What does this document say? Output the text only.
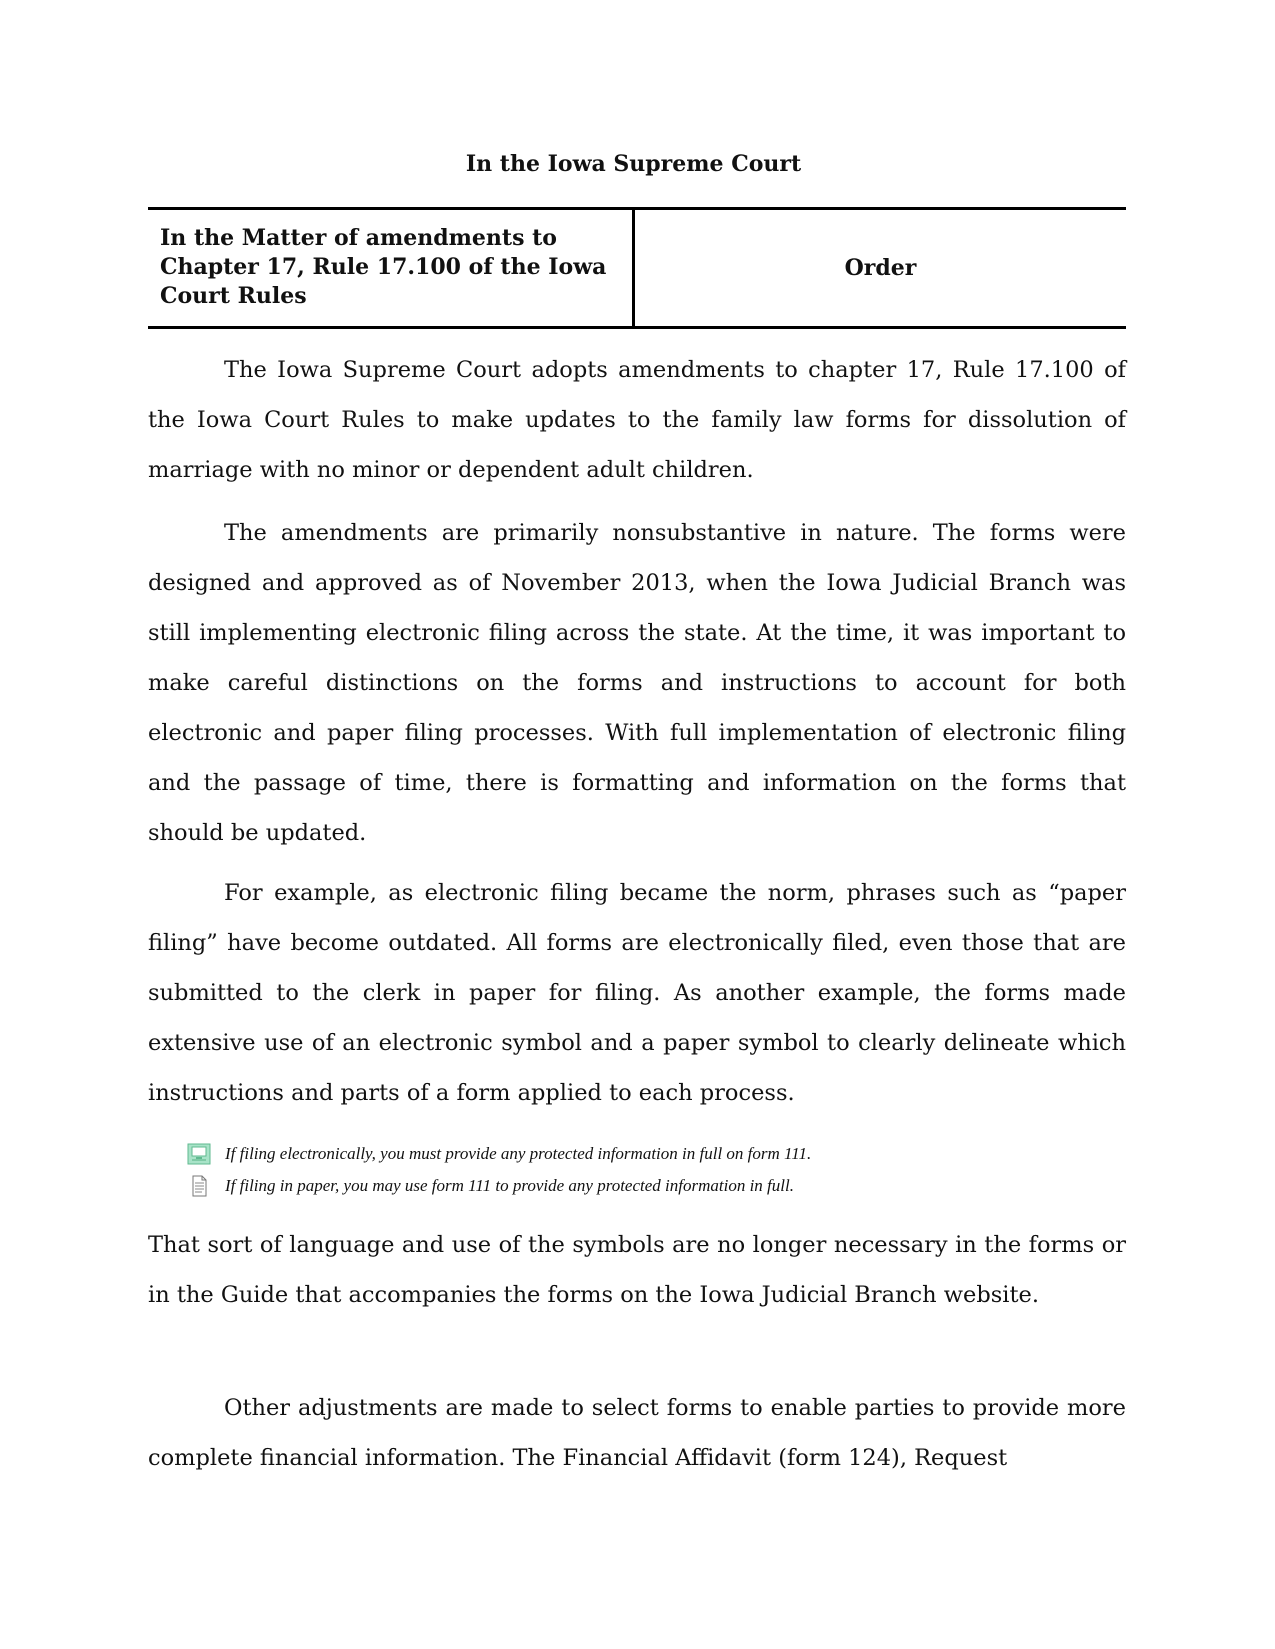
In the Iowa Supreme Court
In the Matter of amendments to Chapter 17, Rule 17.100 of the Iowa Court Rules
Order

The Iowa Supreme Court adopts amendments to chapter 17, Rule 17.100 of the Iowa Court Rules to make updates to the family law forms for dissolution of marriage with no minor or dependent adult children.

The amendments are primarily nonsubstantive in nature. The forms were designed and approved as of November 2013, when the Iowa Judicial Branch was still implementing electronic filing across the state. At the time, it was important to make careful distinctions on the forms and instructions to account for both electronic and paper filing processes. With full implementation of electronic filing and the passage of time, there is formatting and information on the forms that should be updated.

For example, as electronic filing became the norm, phrases such as “paper filing” have become outdated. All forms are electronically filed, even those that are submitted to the clerk in paper for filing. As another example, the forms made extensive use of an electronic symbol and a paper symbol to clearly delineate which instructions and parts of a form applied to each process.

If filing electronically, you must provide any protected information in full on form 111.
If filing in paper, you may use form 111 to provide any protected information in full.

That sort of language and use of the symbols are no longer necessary in the forms or in the Guide that accompanies the forms on the Iowa Judicial Branch website.

Other adjustments are made to select forms to enable parties to provide more complete financial information. The Financial Affidavit (form 124), Request
